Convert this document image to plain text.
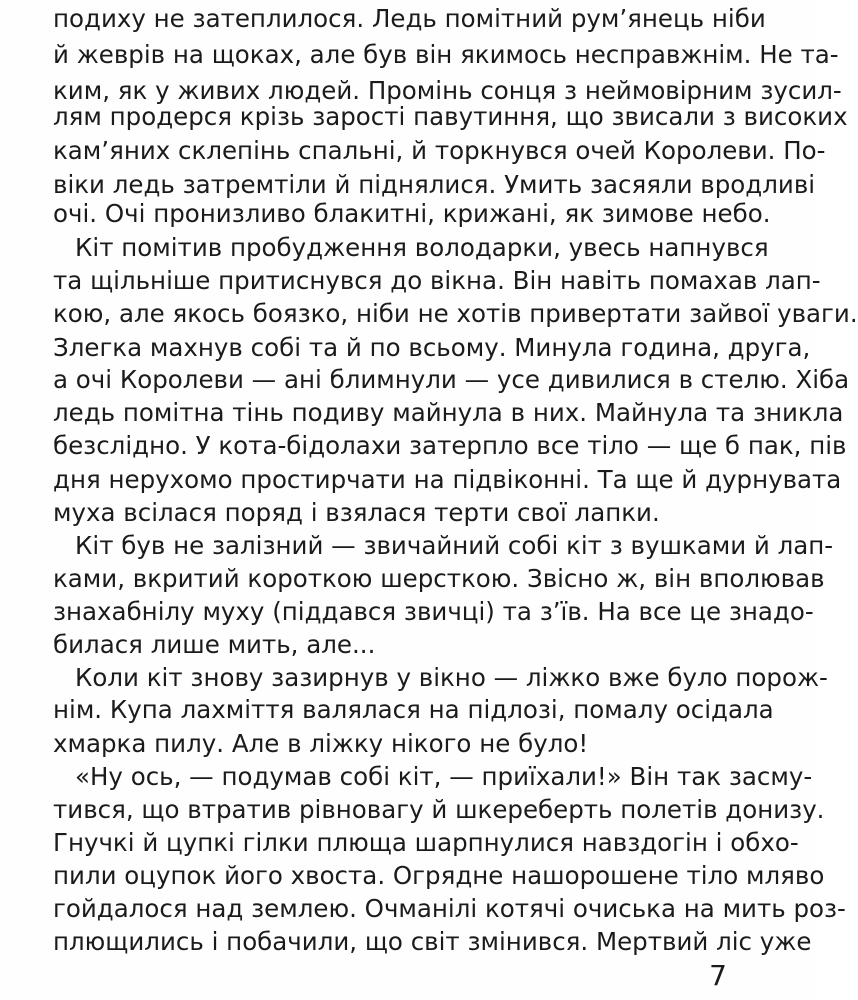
подиху не затеплилося. Ледь помітний рум’янець ніби
й жеврів на щоках, але був він якимось несправжнім. Не та-
ким, як у живих людей. Промінь сонця з неймовірним зусил-
лям продерся крізь зарості павутиння, що звисали з високих
кам’яних склепінь спальні, й торкнувся очей Королеви. По-
віки ледь затремтіли й піднялися. Умить засяяли вродливі
очі. Очі пронизливо блакитні, крижані, як зимове небо.
Кіт помітив пробудження володарки, увесь напнувся
та щільніше притиснувся до вікна. Він навіть помахав лап-
кою, але якось боязко, ніби не хотів привертати зайвої уваги.
Злегка махнув собі та й по всьому. Минула година, друга,
а очі Королеви — ані блимнули — усе дивилися в стелю. Хіба
ледь помітна тінь подиву майнула в них. Майнула та зникла
безслідно. У кота-бідолахи затерпло все тіло — ще б пак, пів
дня нерухомо простирчати на підвіконні. Та ще й дурнувата
муха всілася поряд і взялася терти свої лапки.
Кіт був не залізний — звичайний собі кіт з вушками й лап-
ками, вкритий короткою шерсткою. Звісно ж, він вполював
знахабнілу муху (піддався звичці) та з’їв. На все це знадо-
билася лише мить, але...
Коли кіт знову зазирнув у вікно — ліжко вже було порож-
нім. Купа лахміття валялася на підлозі, помалу осідала
хмарка пилу. Але в ліжку нікого не було!
«Ну ось, — подумав собі кіт, — приїхали!» Він так засму-
тився, що втратив рівновагу й шкереберть полетів донизу.
Гнучкі й цупкі гілки плюща шарпнулися навздогін і обхо-
пили оцупок його хвоста. Огрядне нашорошене тіло мляво
гойдалося над землею. Очманілі котячі очиська на мить роз-
плющились і побачили, що світ змінився. Мертвий ліс уже
7
